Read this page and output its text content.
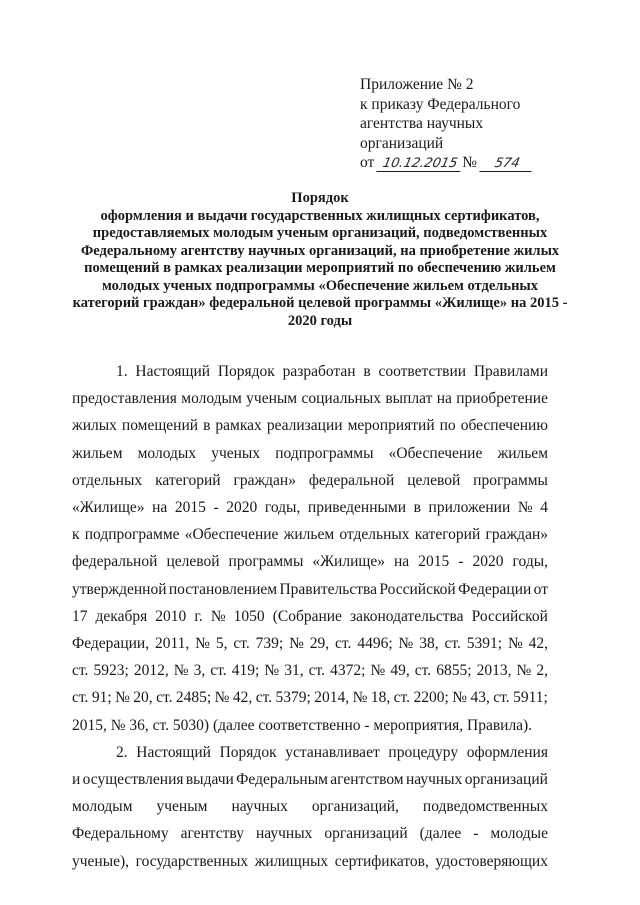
Приложение № 2
к приказу Федерального
агентства научных
организаций
от 10.12.2015 № 574
Порядок
оформления и выдачи государственных жилищных сертификатов,
предоставляемых молодым ученым организаций, подведомственных
Федеральному агентству научных организаций, на приобретение жилых
помещений в рамках реализации мероприятий по обеспечению жильем
молодых ученых подпрограммы «Обеспечение жильем отдельных
категорий граждан» федеральной целевой программы «Жилище» на 2015 -
2020 годы

1. Настоящий Порядок разработан в соответствии Правилами
предоставления молодым ученым социальных выплат на приобретение
жилых помещений в рамках реализации мероприятий по обеспечению
жильем молодых ученых подпрограммы «Обеспечение жильем
отдельных категорий граждан» федеральной целевой программы
«Жилище» на 2015 - 2020 годы, приведенными в приложении № 4
к подпрограмме «Обеспечение жильем отдельных категорий граждан»
федеральной целевой программы «Жилище» на 2015 - 2020 годы,
утвержденной постановлением Правительства Российской Федерации от
17 декабря 2010 г. № 1050 (Собрание законодательства Российской
Федерации, 2011, № 5, ст. 739; № 29, ст. 4496; № 38, ст. 5391; № 42,
ст. 5923; 2012, № 3, ст. 419; № 31, ст. 4372; № 49, ст. 6855; 2013, № 2,
ст. 91; № 20, ст. 2485; № 42, ст. 5379; 2014, № 18, ст. 2200; № 43, ст. 5911;
2015, № 36, ст. 5030) (далее соответственно - мероприятия, Правила).

2. Настоящий Порядок устанавливает процедуру оформления
и осуществления выдачи Федеральным агентством научных организаций
молодым ученым научных организаций, подведомственных
Федеральному агентству научных организаций (далее - молодые
ученые), государственных жилищных сертификатов, удостоверяющих
